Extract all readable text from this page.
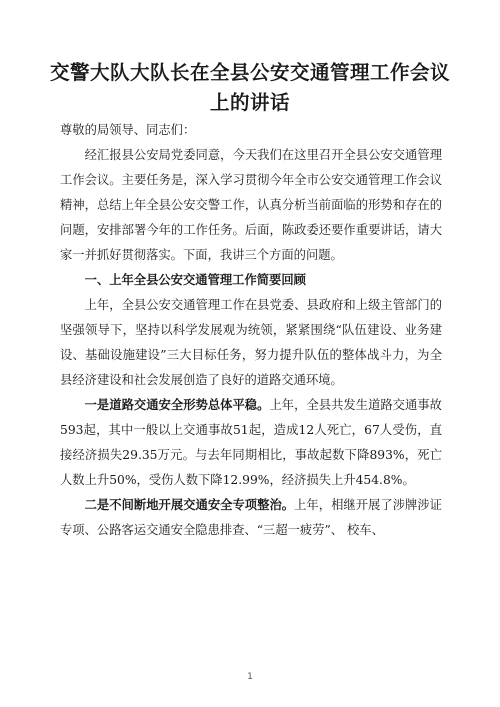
交警大队大队长在全县公安交通管理工作会议
上的讲话

尊敬的局领导、同志们：

经汇报县公安局党委同意，今天我们在这里召开全县公安交通管理工作会议。主要任务是，深入学习贯彻今年全市公安交通管理工作会议精神，总结上年全县公安交警工作，认真分析当前面临的形势和存在的问题，安排部署今年的工作任务。后面，陈政委还要作重要讲话，请大家一并抓好贯彻落实。下面，我讲三个方面的问题。

一、上年全县公安交通管理工作简要回顾

上年，全县公安交通管理工作在县党委、县政府和上级主管部门的坚强领导下，坚持以科学发展观为统领，紧紧围绕“队伍建设、业务建设、基础设施建设”三大目标任务，努力提升队伍的整体战斗力，为全县经济建设和社会发展创造了良好的道路交通环境。

一是道路交通安全形势总体平稳。上年，全县共发生道路交通事故593起，其中一般以上交通事故51起，造成12人死亡，67人受伤，直接经济损失29.35万元。与去年同期相比，事故起数下降893%，死亡人数上升50%，受伤人数下降12.99%，经济损失上升454.8%。

二是不间断地开展交通安全专项整治。上年，相继开展了涉牌涉证专项、公路客运交通安全隐患排查、“三超一疲劳”、 校车、

1
